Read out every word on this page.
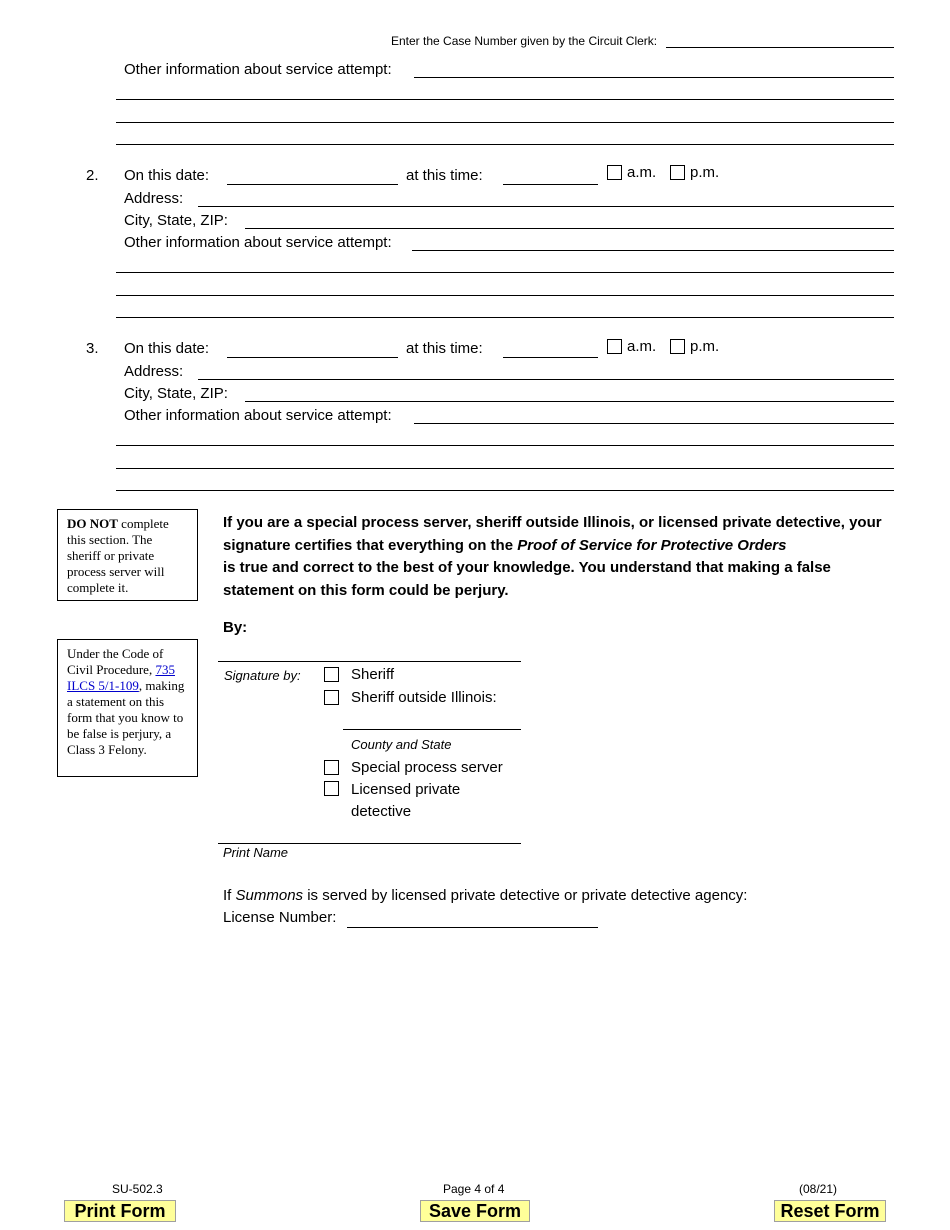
Enter the Case Number given by the Circuit Clerk:
Other information about service attempt:
2. On this date:	at this time:	a.m. p.m.
Address:
City, State, ZIP:
Other information about service attempt:
3. On this date:	at this time:	a.m. p.m.
Address:
City, State, ZIP:
Other information about service attempt:
DO NOT complete this section. The sheriff or private process server will complete it.
Under the Code of Civil Procedure, 735 ILCS 5/1-109, making a statement on this form that you know to be false is perjury, a Class 3 Felony.
If you are a special process server, sheriff outside Illinois, or licensed private detective, your signature certifies that everything on the Proof of Service for Protective Orders
is true and correct to the best of your knowledge. You understand that making a false statement on this form could be perjury.
By:
Signature by:	Sheriff
Sheriff outside Illinois:
County and State
Special process server
Licensed private
detective
Print Name
If Summons is served by licensed private detective or private detective agency:
License Number:
SU-502.3	Page 4 of 4	(08/21)
Print Form	Save Form	Reset Form
